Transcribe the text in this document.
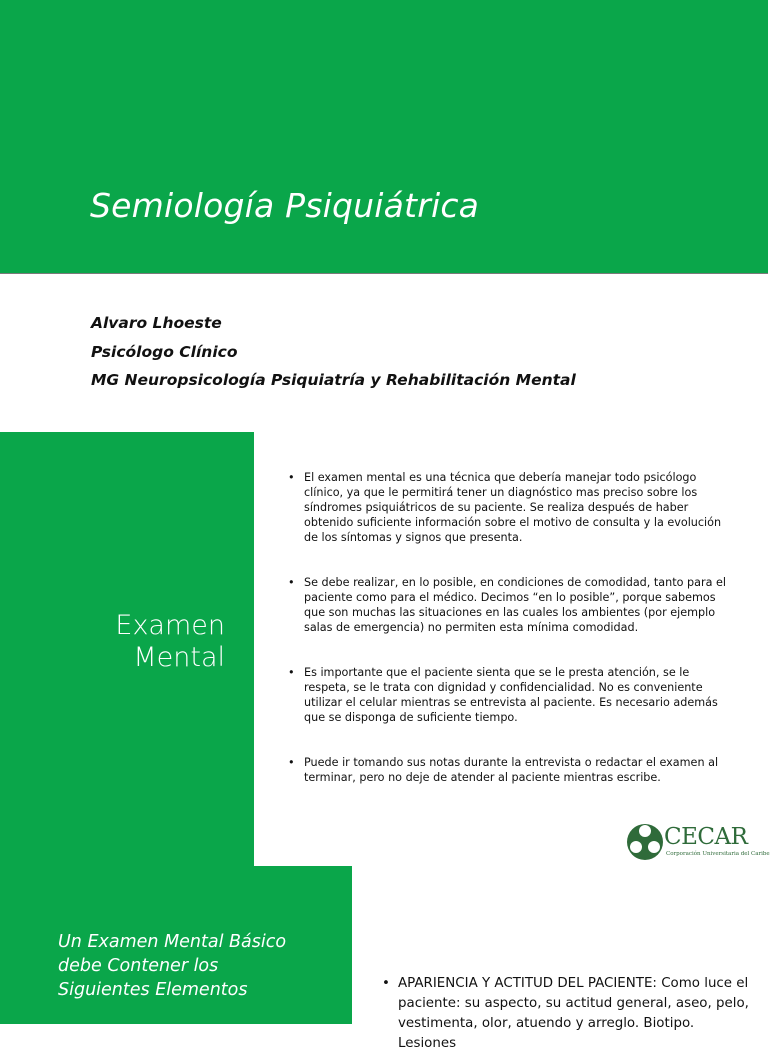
Semiología Psiquiátrica
Alvaro Lhoeste
Psicólogo Clínico
MG Neuropsicología Psiquiatría y Rehabilitación Mental
Examen
Mental
• El examen mental es una técnica que debería manejar todo psicólogo clínico, ya que le permitirá tener un diagnóstico mas preciso sobre los síndromes psiquiátricos de su paciente. Se realiza después de haber obtenido suficiente información sobre el motivo de consulta y la evolución de los síntomas y signos que presenta.
• Se debe realizar, en lo posible, en condiciones de comodidad, tanto para el paciente como para el médico. Decimos “en lo posible”, porque sabemos que son muchas las situaciones en las cuales los ambientes (por ejemplo salas de emergencia) no permiten esta mínima comodidad.
• Es importante que el paciente sienta que se le presta atención, se le respeta, se le trata con dignidad y confidencialidad. No es conveniente utilizar el celular mientras se entrevista al paciente. Es necesario además que se disponga de suficiente tiempo.
• Puede ir tomando sus notas durante la entrevista o redactar el examen al terminar, pero no deje de atender al paciente mientras escribe.
CECAR
Corporación Universitaria del Caribe
Un Examen Mental Básico
debe Contener los
Siguientes Elementos
•	APARIENCIA Y ACTITUD DEL PACIENTE: Como luce el paciente: su aspecto, su actitud general, aseo, pelo, vestimenta, olor, atuendo y arreglo. Biotipo. Lesiones
